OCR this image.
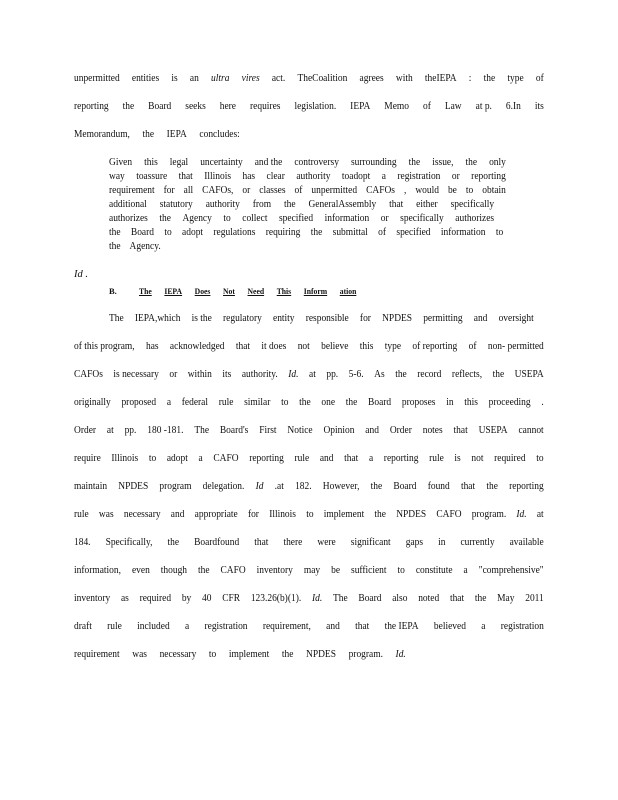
unpermitted entities is an ultra vires act. TheCoalition agrees with theIEPA : the type of
reporting the Board seeks here requires legislation. IEPA Memo of Law at p. 6.In its
Memorandum, the IEPA concludes:
Given this legal uncertainty and the controversy surrounding the issue, the only
way toassure that Illinois has clear authority toadopt a registration or reporting
requirement for all CAFOs, or classes of unpermitted CAFOs , would be to obtain
additional statutory authority from the GeneralAssembly that either specifically
authorizes the Agency to collect specified information or specifically authorizes
the Board to adopt regulations requiring the submittal of specified information to
the Agency.
Id .
B.	The IEPA Does Not Need This Inform ation
The IEPA,which is the regulatory entity responsible for NPDES permitting and oversight
of this program, has acknowledged that it does not believe this type of reporting of non- permitted
CAFOs is necessary or within its authority. Id. at pp. 5-6. As the record reflects, the USEPA
originally proposed a federal rule similar to the one the Board proposes in this proceeding .
Order at pp. 180 -181. The Board's First Notice Opinion and Order notes that USEPA cannot
require Illinois to adopt a CAFO reporting rule and that a reporting rule is not required to
maintain NPDES program delegation. Id .at 182. However, the Board found that the reporting
rule was necessary and appropriate for Illinois to implement the NPDES CAFO program. Id. at
184. Specifically, the Boardfound that there were significant gaps in currently available
information, even though the CAFO inventory may be sufficient to constitute a "comprehensive"
inventory as required by 40 CFR 123.26(b)(1). Id. The Board also noted that the May 2011
draft rule included a registration requirement, and that the IEPA believed a registration
requirement was necessary to implement the NPDES program. Id.
